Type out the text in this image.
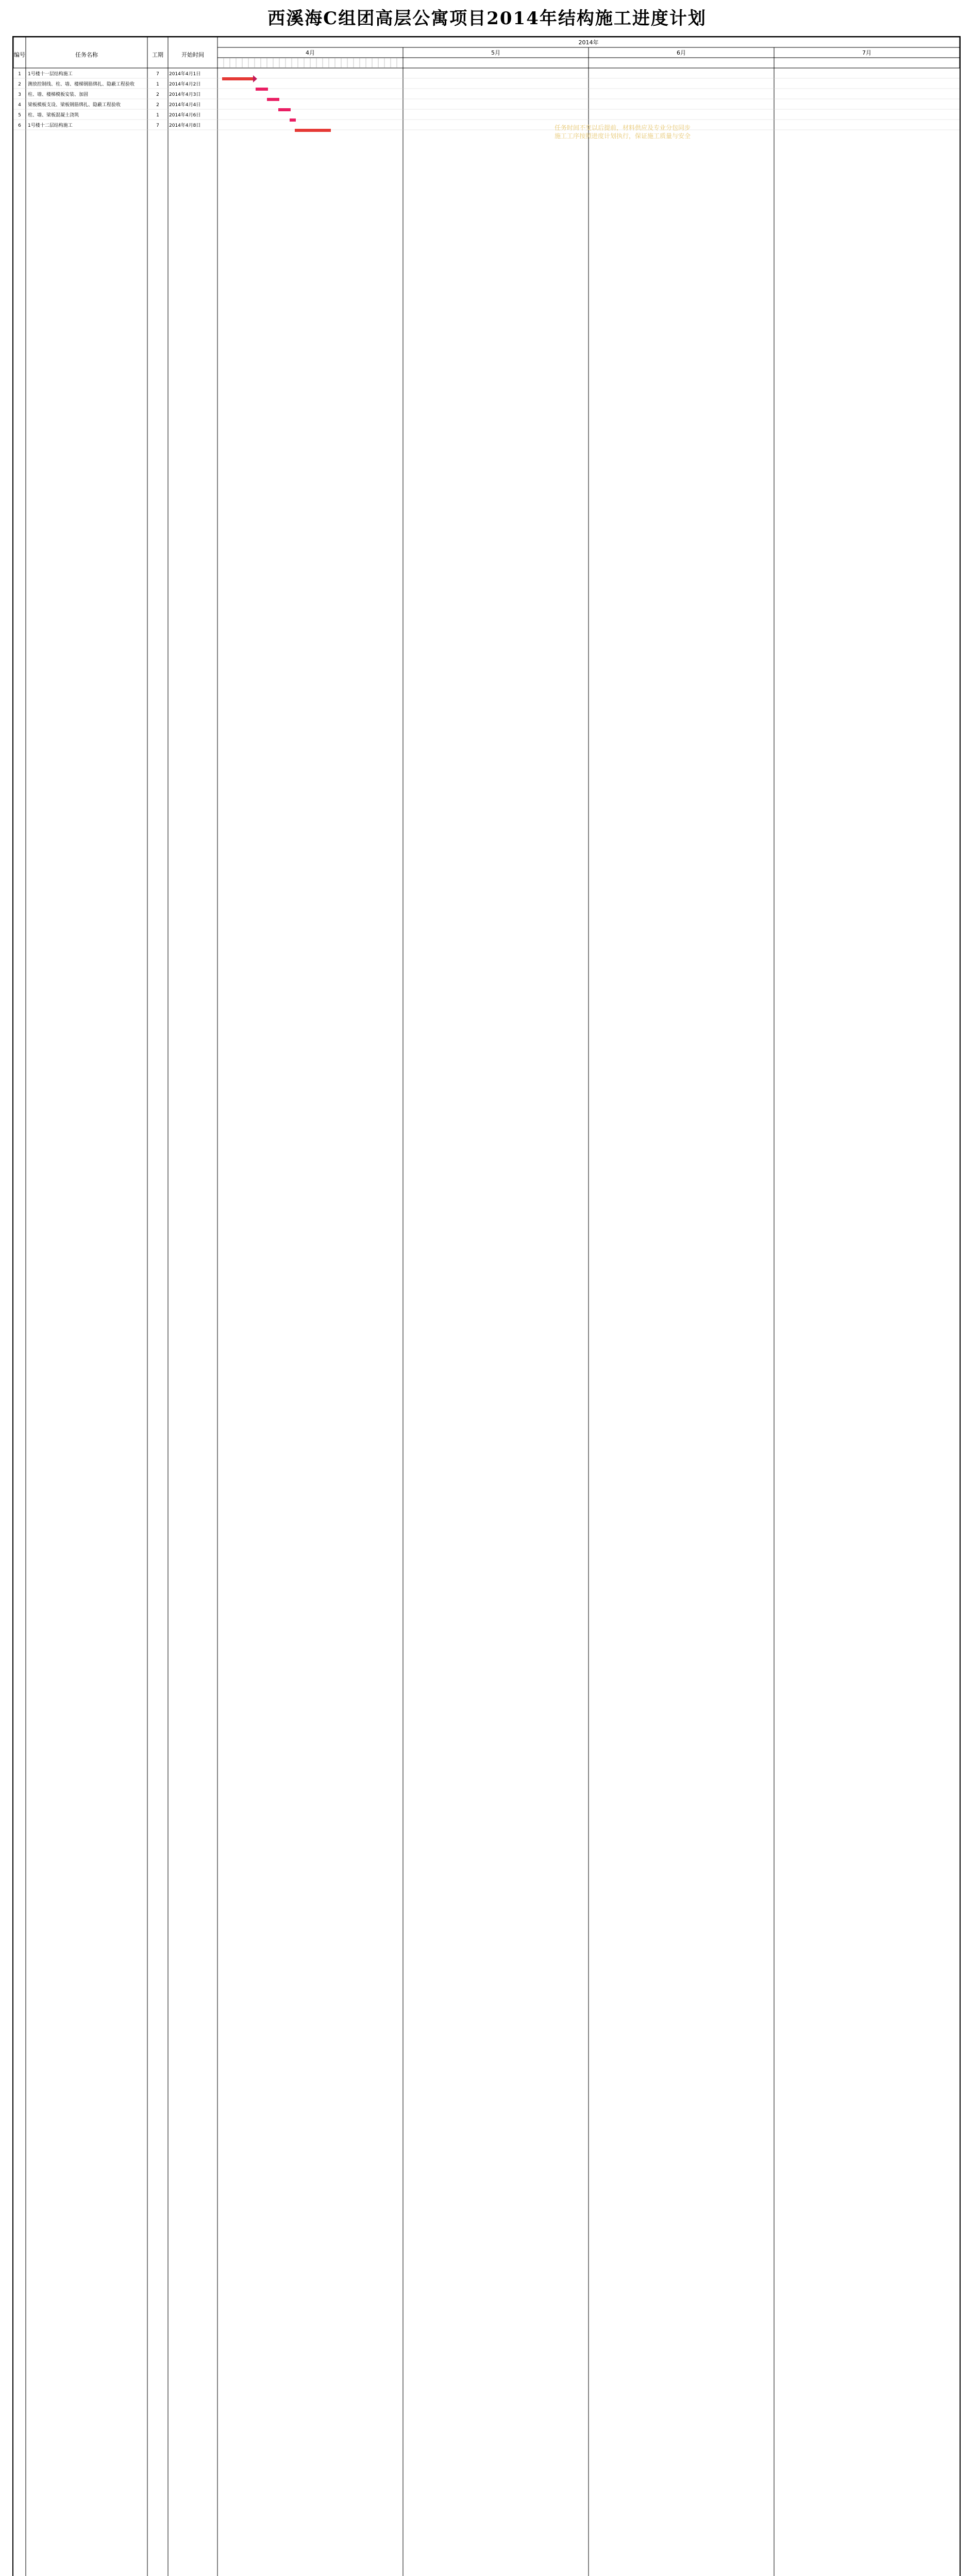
西溪海C组团高层公寓项目2014年结构施工进度计划
编号	任务名称	工期	开始时间
2014年
4月	5月	6月	7月
1 1号楼十一层结构施工	7 2014年4月1日
2 测放控制线、柱、墙、楼梯钢筋绑扎、隐蔽工程验收	1 2014年4月2日
3 柱、墙、楼梯模板安装、加固	2 2014年4月3日
4 梁板模板支设、梁板钢筋绑扎、隐蔽工程验收	2 2014年4月4日
5 柱、墙、梁板混凝土浇筑	1 2014年4月6日
6 1号楼十二层结构施工	7 2014年4月8日	任务时间不变以后提前，材料供应及专业分包同步
施工工序按照进度计划执行，保证施工质量与安全
